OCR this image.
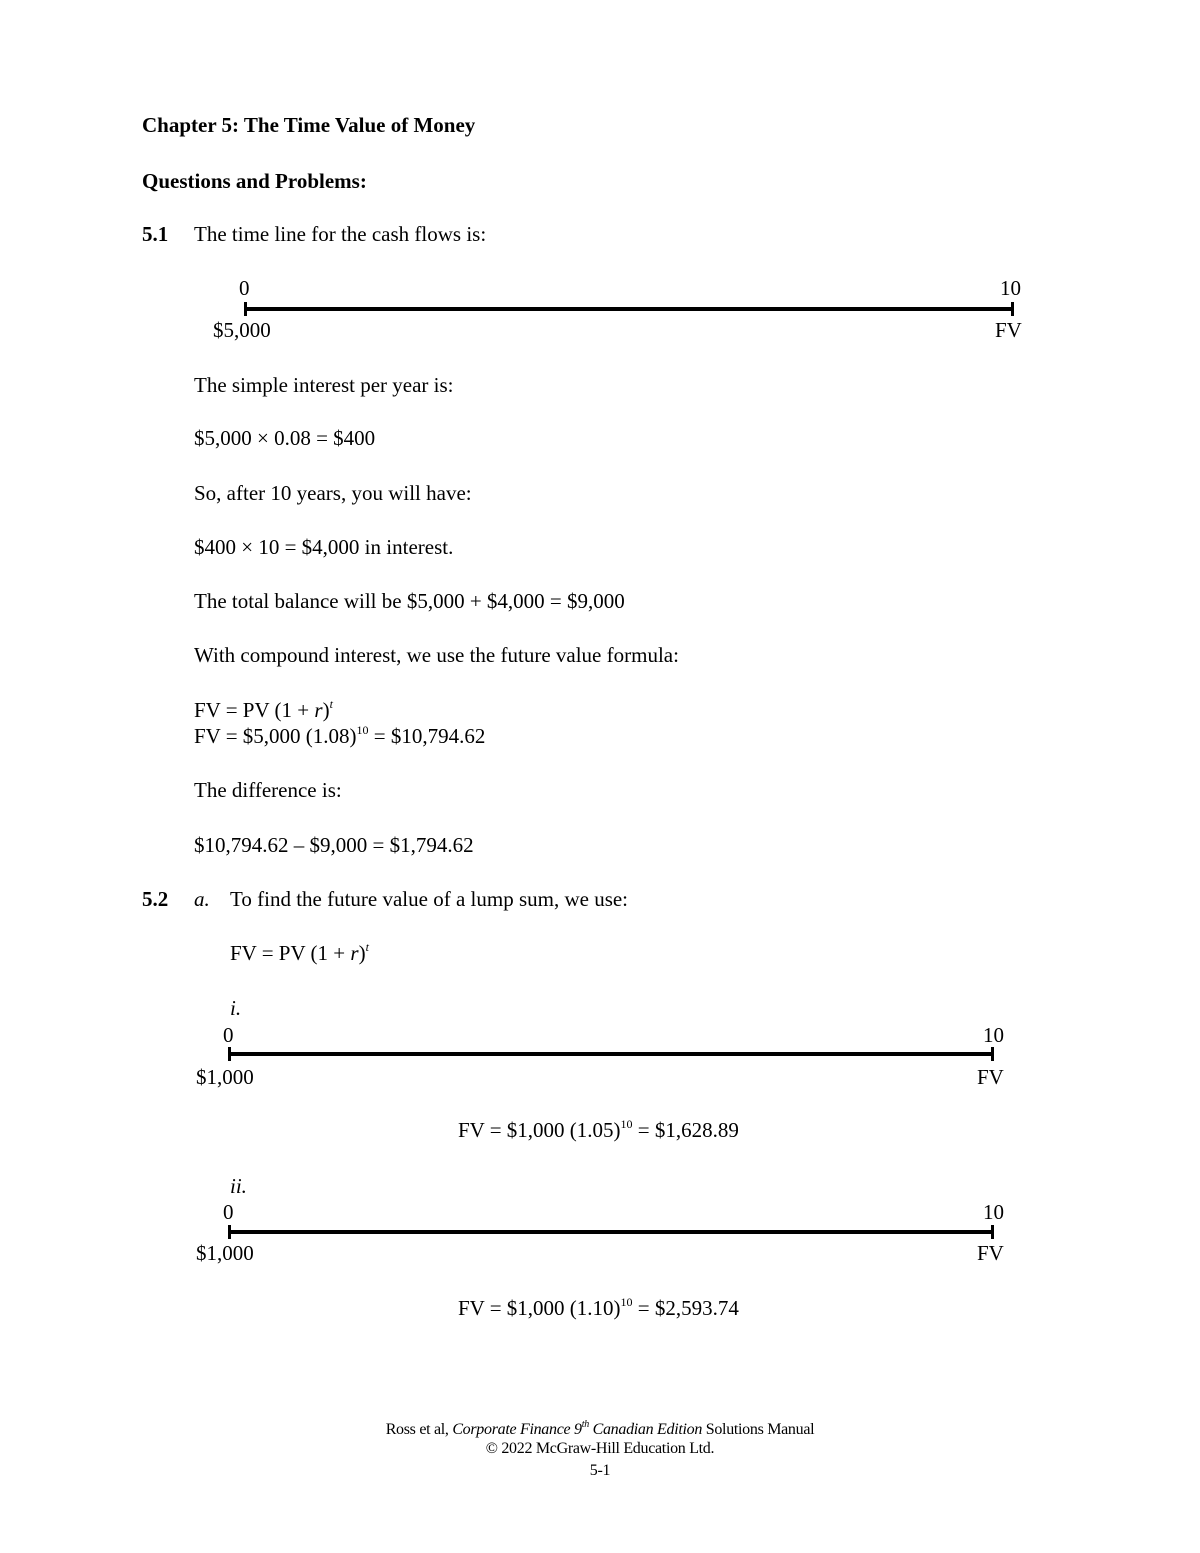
Chapter 5: The Time Value of Money
Questions and Problems:
5.1 The time line for the cash flows is:
0	10
$5,000	FV
The simple interest per year is:
$5,000 × 0.08 = $400
So, after 10 years, you will have:
$400 × 10 = $4,000 in interest.
The total balance will be $5,000 + $4,000 = $9,000
With compound interest, we use the future value formula:
FV = PV $(1 + r)^t$
FV = $5,000 $(1.08)^{10}$ = $10,794.62
The difference is:
$10,794.62 – $9,000 = $1,794.62
5.2 a. To find the future value of a lump sum, we use:
FV = PV $(1 + r)^t$
i.
0	10
$1,000	FV
FV = $1,000 $(1.05)^{10}$ = $1,628.89
ii.
0	10
$1,000	FV
FV = $1,000 $(1.10)^{10}$ = $2,593.74
Ross et al, Corporate Finance 9th Canadian Edition Solutions Manual
© 2022 McGraw-Hill Education Ltd.
5-1
